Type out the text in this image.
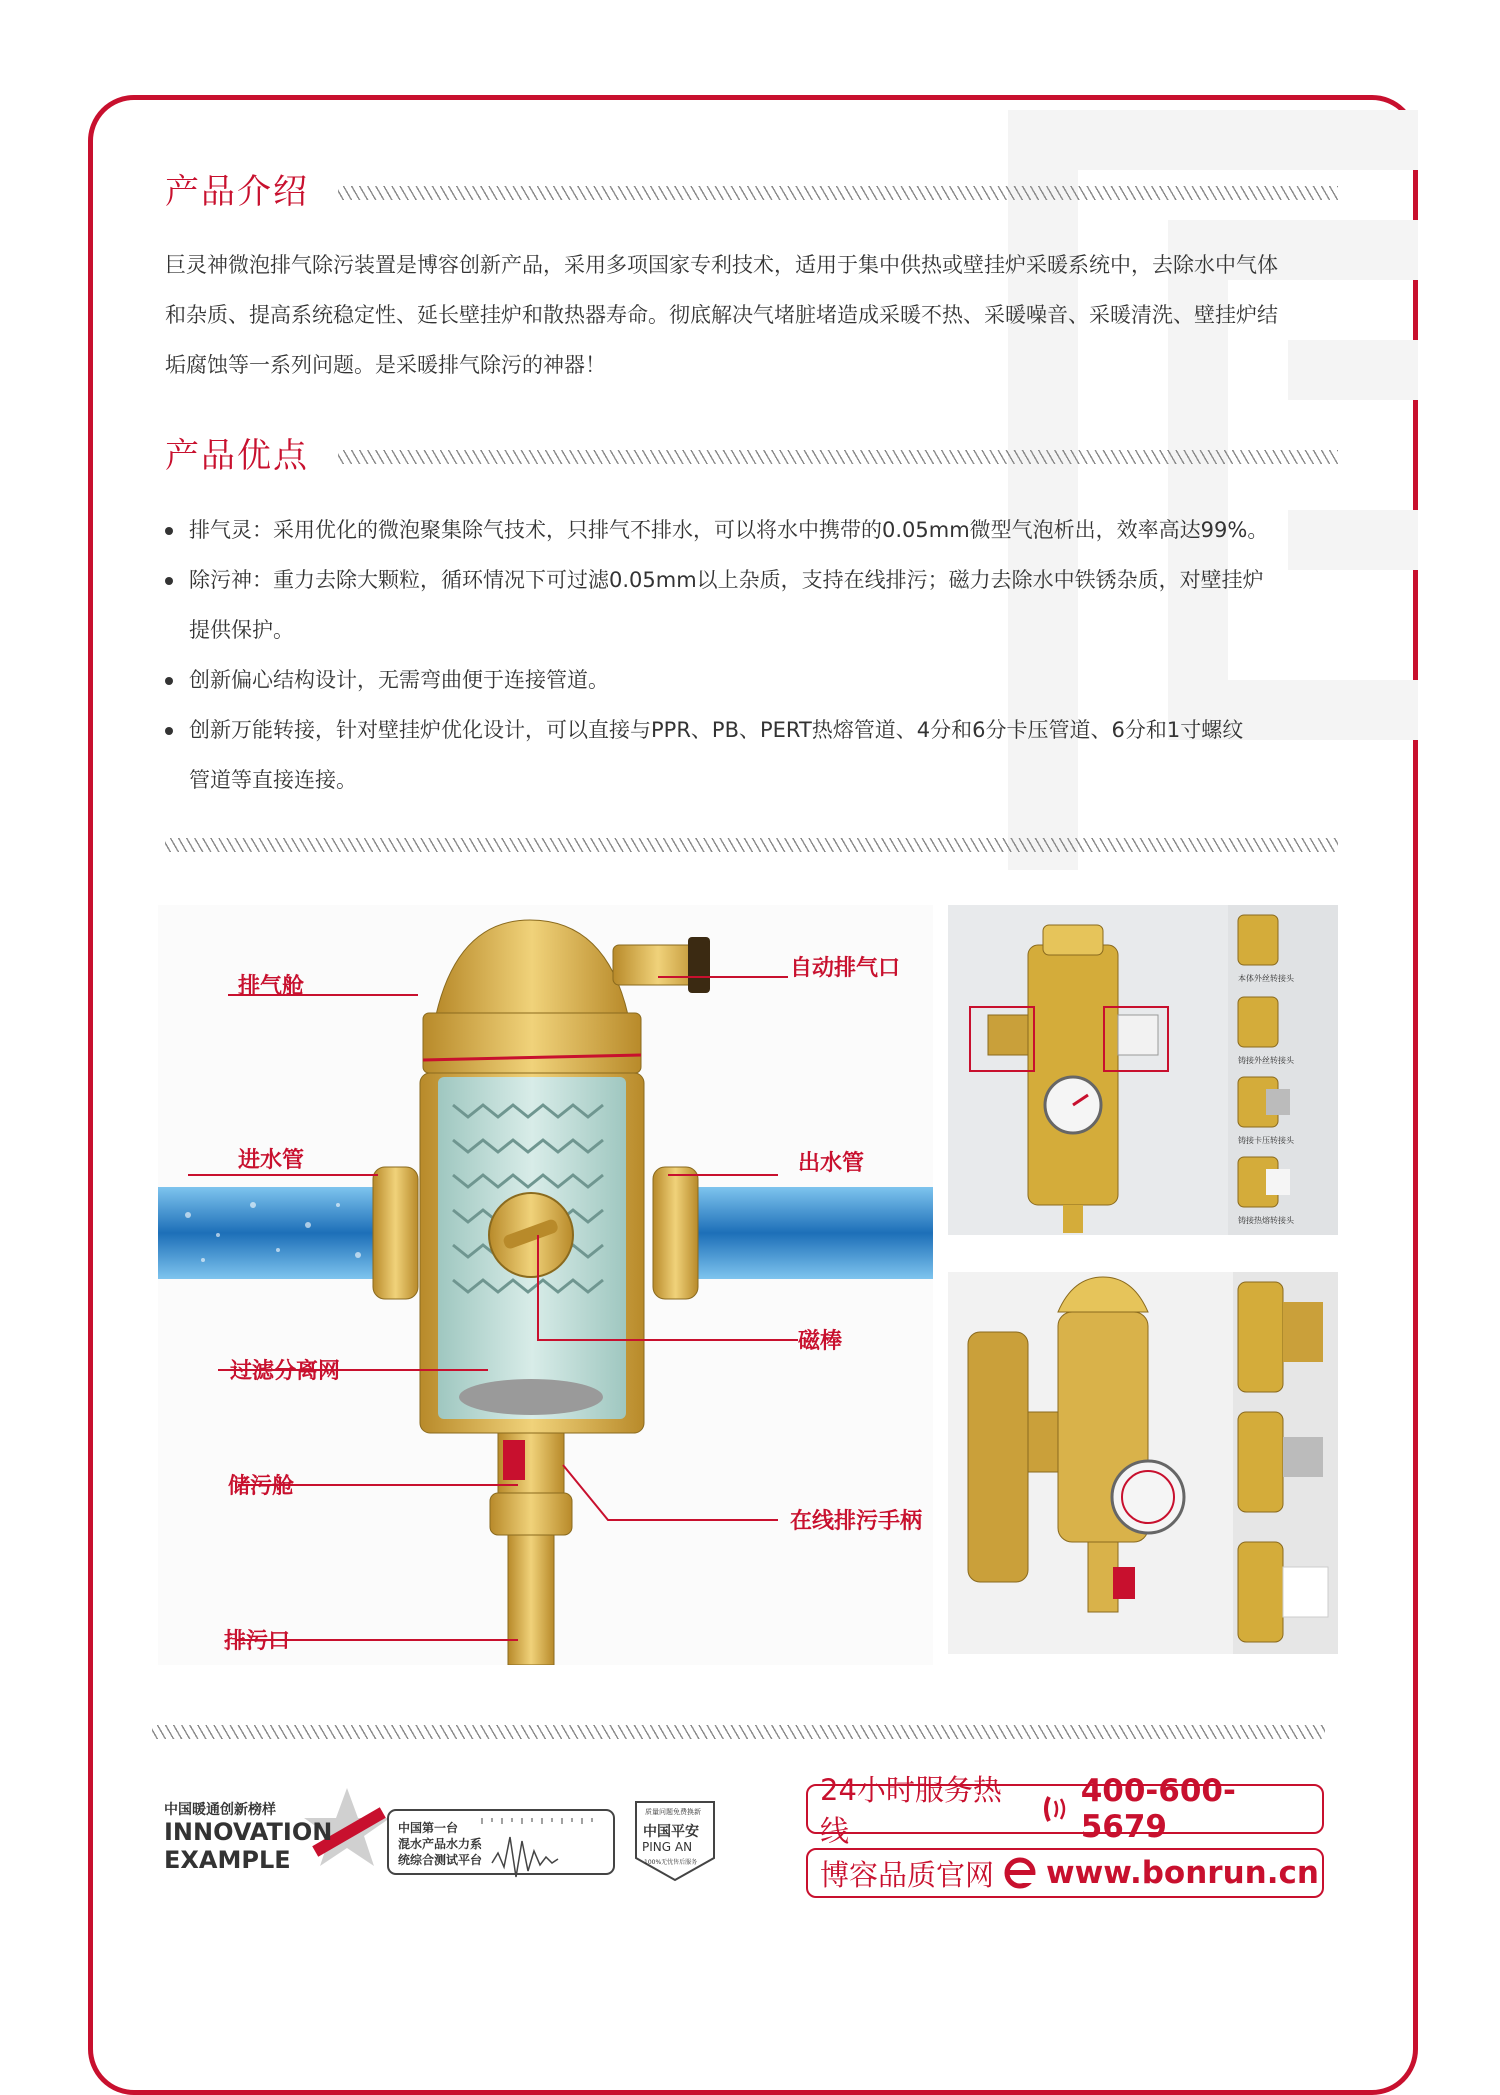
产品介绍
巨灵神微泡排气除污装置是博容创新产品，采用多项国家专利技术，适用于集中供热或壁挂炉采暖系统中，去除水中气体
和杂质、提高系统稳定性、延长壁挂炉和散热器寿命。彻底解决气堵脏堵造成采暖不热、采暖噪音、采暖清洗、壁挂炉结
垢腐蚀等一系列问题。是采暖排气除污的神器！
产品优点
排气灵：采用优化的微泡聚集除气技术，只排气不排水，可以将水中携带的0.05mm微型气泡析出，效率高达99%。
除污神：重力去除大颗粒，循环情况下可过滤0.05mm以上杂质，支持在线排污；磁力去除水中铁锈杂质，对壁挂炉
提供保护。
创新偏心结构设计，无需弯曲便于连接管道。
创新万能转接，针对壁挂炉优化设计，可以直接与PPR、PB、PERT热熔管道、4分和6分卡压管道、6分和1寸螺纹
管道等直接连接。
排气舱
自动排气口
进水管	出水管
磁棒
过滤分离网
储污舱
在线排污手柄
排污口
本体外丝转接头
铸接外丝转接头
铸接卡压转接头
铸接热熔转接头
中国暖通创新榜样
INNOVATION
EXAMPLE
中国第一台
混水产品水力系
统综合测试平台
质量问题免费换新
中国平安
PING AN
100%无忧售后服务
24小时服务热线
400-600-5679
博容品质官网 www.bonrun.cn
